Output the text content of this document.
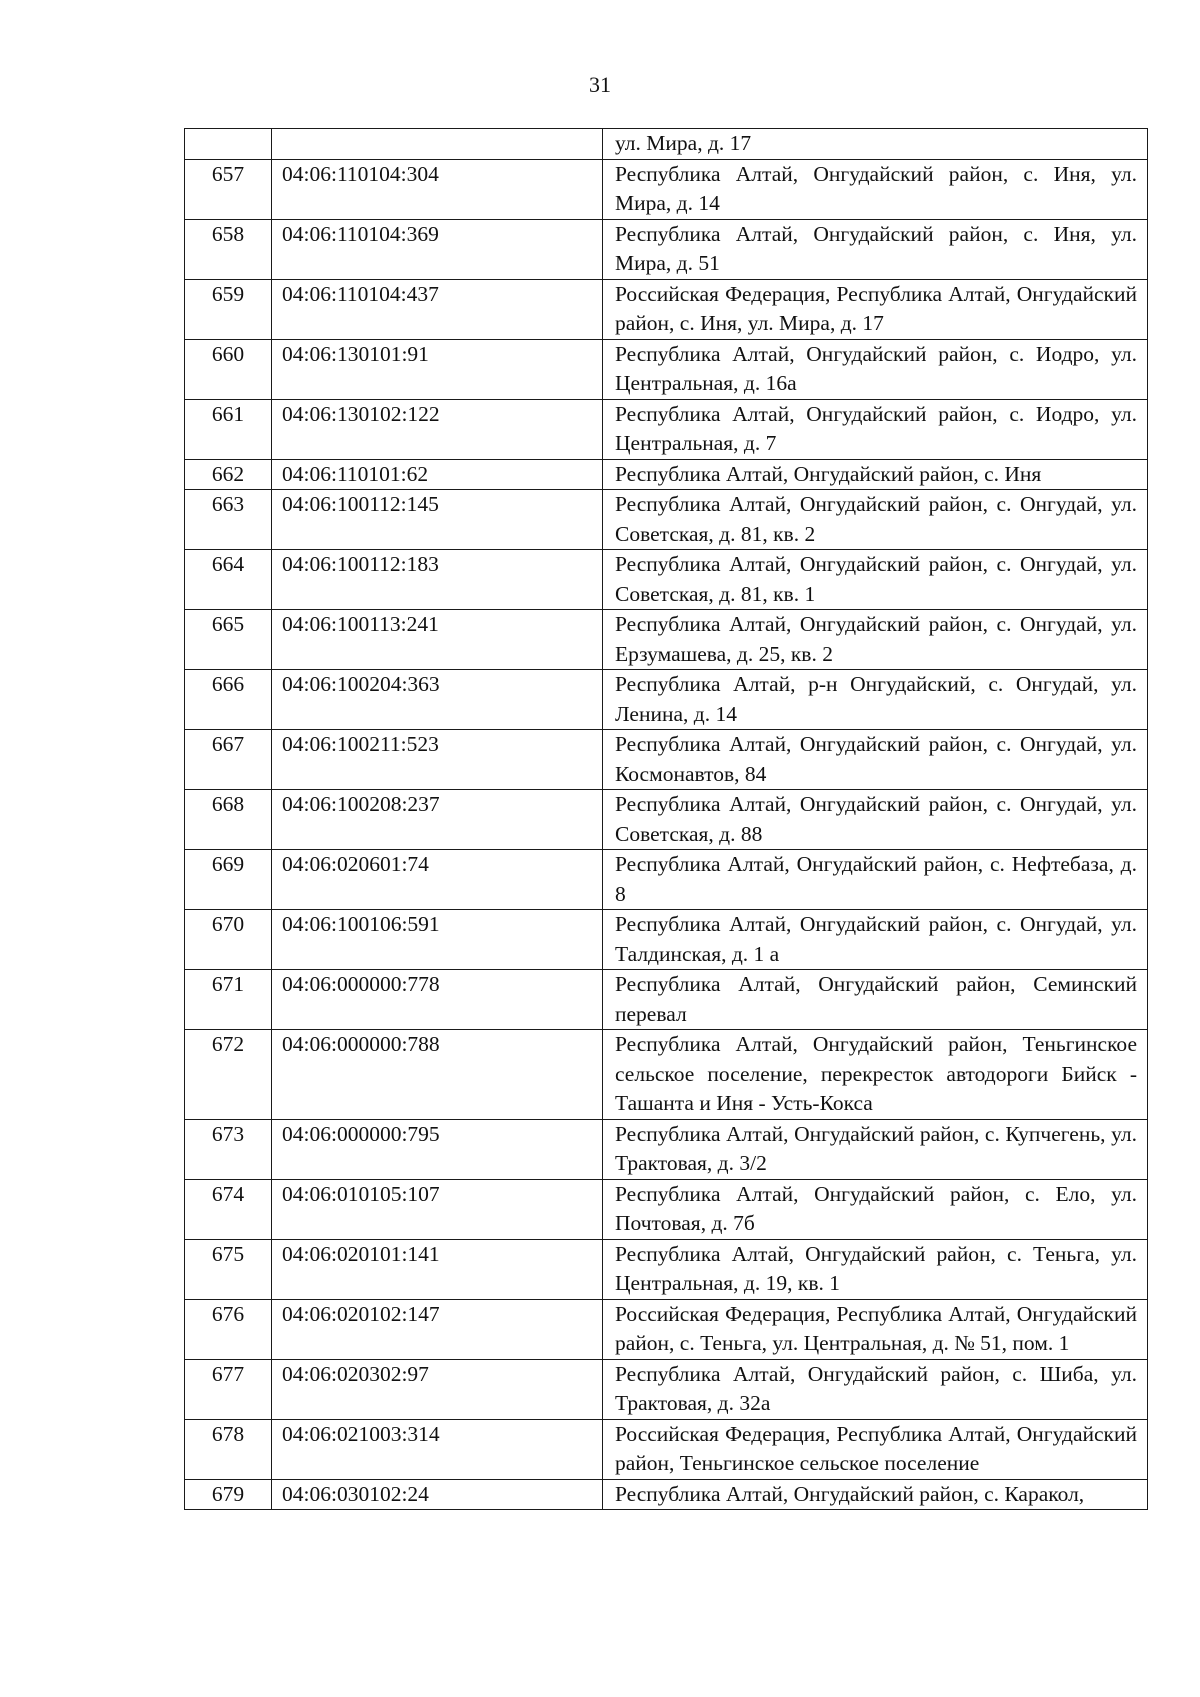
31
		ул. Мира, д. 17
657	04:06:110104:304	Республика Алтай, Онгудайский район, с. Иня, ул. Мира, д. 14
658	04:06:110104:369	Республика Алтай, Онгудайский район, с. Иня, ул. Мира, д. 51
659	04:06:110104:437	Российская Федерация, Республика Алтай, Онгудайский район, с. Иня, ул. Мира, д. 17
660	04:06:130101:91	Республика Алтай, Онгудайский район, с. Иодро, ул. Центральная, д. 16а
661	04:06:130102:122	Республика Алтай, Онгудайский район, с. Иодро, ул. Центральная, д. 7
662	04:06:110101:62	Республика Алтай, Онгудайский район, с. Иня
663	04:06:100112:145	Республика Алтай, Онгудайский район, с. Онгудай, ул. Советская, д. 81, кв. 2
664	04:06:100112:183	Республика Алтай, Онгудайский район, с. Онгудай, ул. Советская, д. 81, кв. 1
665	04:06:100113:241	Республика Алтай, Онгудайский район, с. Онгудай, ул. Ерзумашева, д. 25, кв. 2
666	04:06:100204:363	Республика Алтай, р-н Онгудайский, с. Онгудай, ул. Ленина, д. 14
667	04:06:100211:523	Республика Алтай, Онгудайский район, с. Онгудай, ул. Космонавтов, 84
668	04:06:100208:237	Республика Алтай, Онгудайский район, с. Онгудай, ул. Советская, д. 88
669	04:06:020601:74	Республика Алтай, Онгудайский район, с. Нефтебаза, д. 8
670	04:06:100106:591	Республика Алтай, Онгудайский район, с. Онгудай, ул. Талдинская, д. 1 а
671	04:06:000000:778	Республика Алтай, Онгудайский район, Семинский перевал
672	04:06:000000:788	Республика Алтай, Онгудайский район, Теньгинское сельское поселение, перекресток автодороги Бийск - Ташанта и Иня - Усть-Кокса
673	04:06:000000:795	Республика Алтай, Онгудайский район, с. Купчегень, ул. Трактовая, д. 3/2
674	04:06:010105:107	Республика Алтай, Онгудайский район, с. Ело, ул. Почтовая, д. 7б
675	04:06:020101:141	Республика Алтай, Онгудайский район, с. Теньга, ул. Центральная, д. 19, кв. 1
676	04:06:020102:147	Российская Федерация, Республика Алтай, Онгудайский район, с. Теньга, ул. Центральная, д. № 51, пом. 1
677	04:06:020302:97	Республика Алтай, Онгудайский район, с. Шиба, ул. Трактовая, д. 32а
678	04:06:021003:314	Российская Федерация, Республика Алтай, Онгудайский район, Теньгинское сельское поселение
679	04:06:030102:24	Республика Алтай, Онгудайский район, с. Каракол,
